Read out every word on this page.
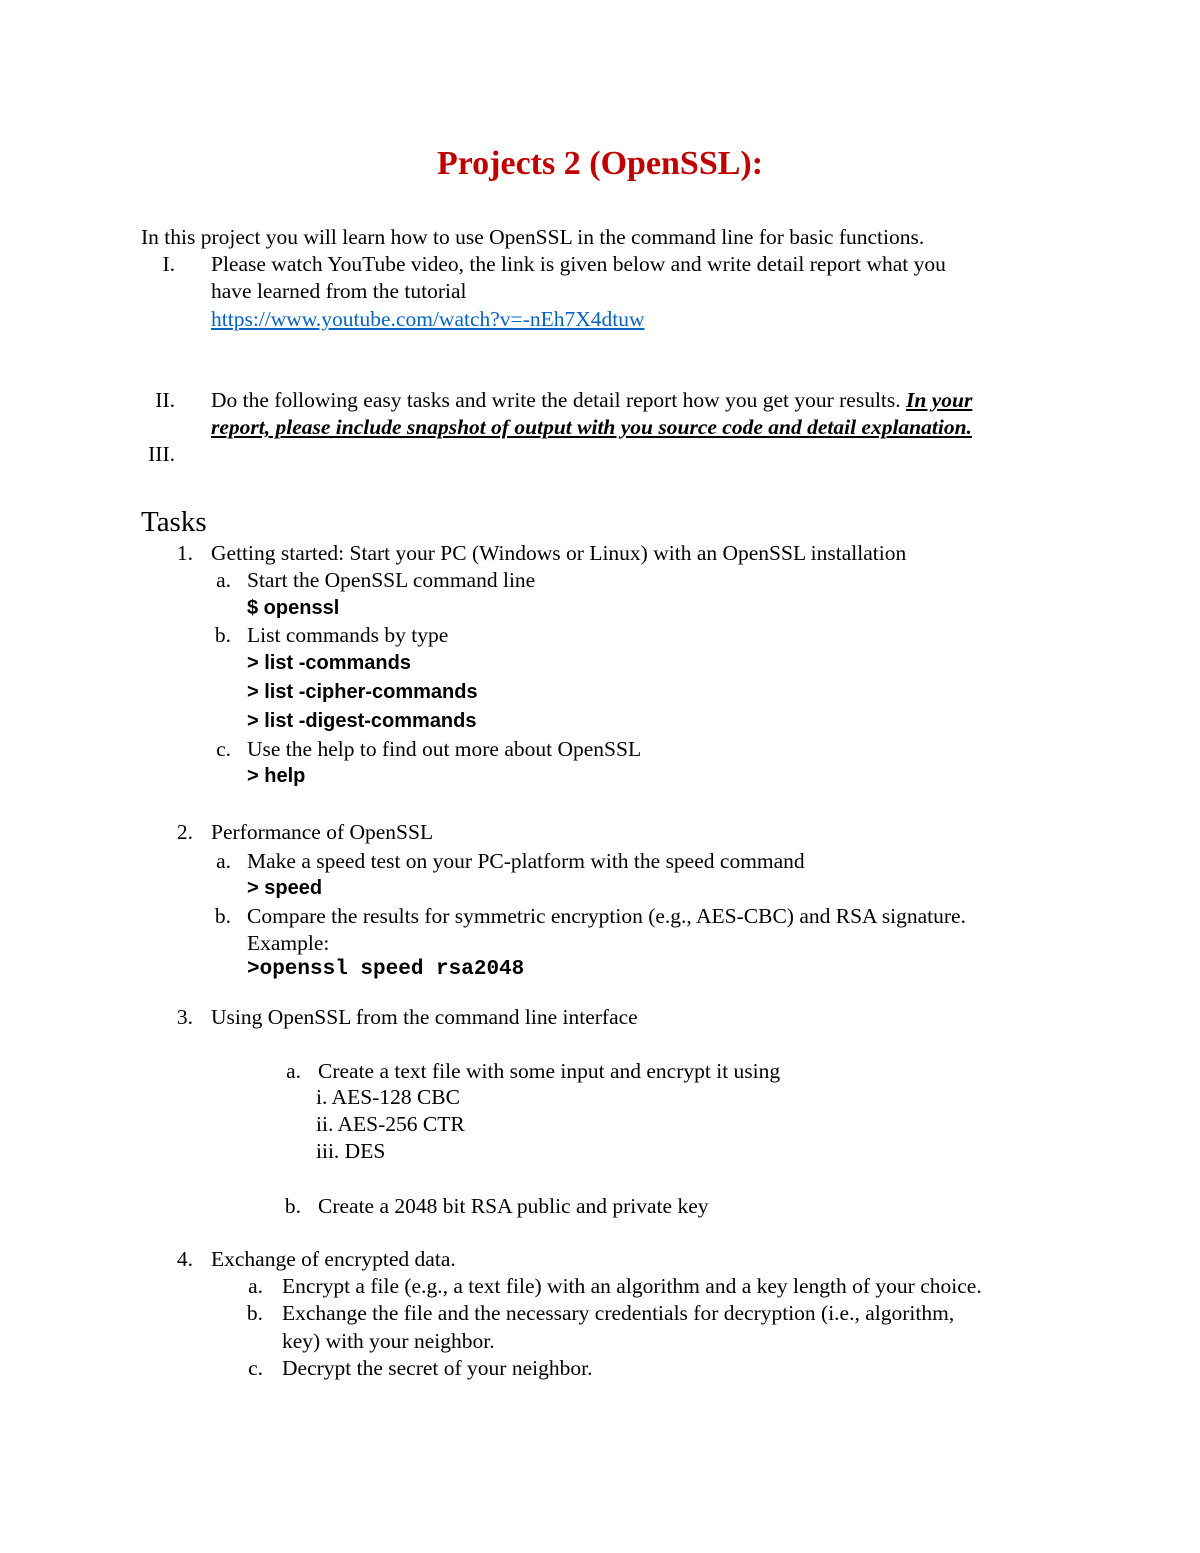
Projects 2 (OpenSSL):
In this project you will learn how to use OpenSSL in the command line for basic functions.
I. Please watch YouTube video, the link is given below and write detail report what you
have learned from the tutorial
https://www.youtube.com/watch?v=-nEh7X4dtuw
II. Do the following easy tasks and write the detail report how you get your results. In your
report, please include snapshot of output with you source code and detail explanation.
III.
Tasks
1. Getting started: Start your PC (Windows or Linux) with an OpenSSL installation
a. Start the OpenSSL command line
$ openssl
b. List commands by type
> list -commands
> list -cipher-commands
> list -digest-commands
c. Use the help to find out more about OpenSSL
> help
2. Performance of OpenSSL
a. Make a speed test on your PC-platform with the speed command
> speed
b. Compare the results for symmetric encryption (e.g., AES-CBC) and RSA signature.
Example:
>openssl speed rsa2048
3. Using OpenSSL from the command line interface
a. Create a text file with some input and encrypt it using
i. AES-128 CBC
ii. AES-256 CTR
iii. DES
b. Create a 2048 bit RSA public and private key
4. Exchange of encrypted data.
a. Encrypt a file (e.g., a text file) with an algorithm and a key length of your choice.
b. Exchange the file and the necessary credentials for decryption (i.e., algorithm,
key) with your neighbor.
c. Decrypt the secret of your neighbor.
